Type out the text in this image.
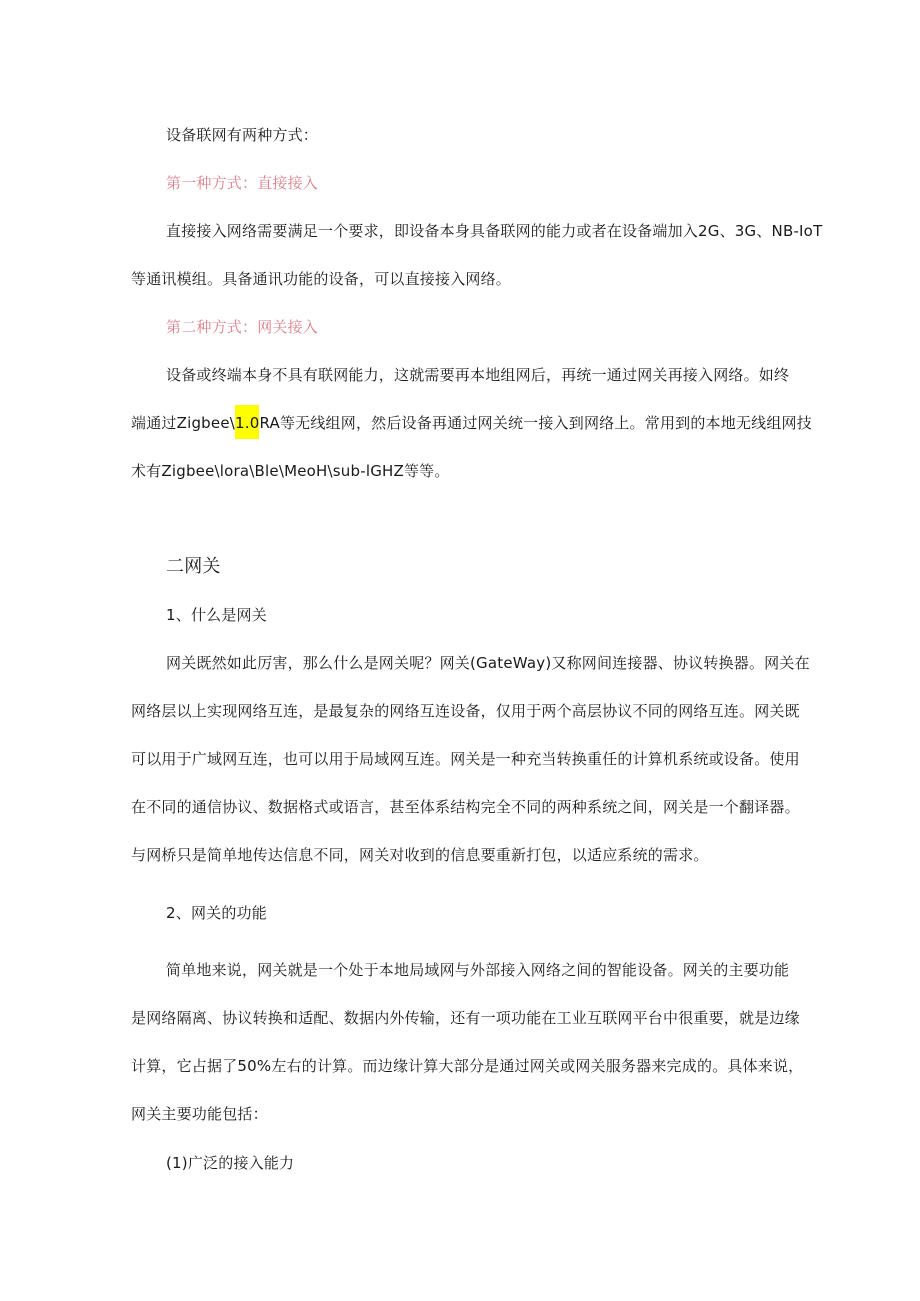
设备联网有两种方式：
第一种方式：直接接入
直接接入网络需要满足一个要求，即设备本身具备联网的能力或者在设备端加入2G、3G、NB-IoT
等通讯模组。具备通讯功能的设备，可以直接接入网络。
第二种方式：网关接入
设备或终端本身不具有联网能力，这就需要再本地组网后，再统一通过网关再接入网络。如终
端通过Zigbee\1.0RA等无线组网，然后设备再通过网关统一接入到网络上。常用到的本地无线组网技
术有Zigbee\lora\Ble\MeoH\sub-lGHZ等等。
二网关
1、什么是网关
网关既然如此厉害，那么什么是网关呢？网关(GateWay)又称网间连接器、协议转换器。网关在
网络层以上实现网络互连，是最复杂的网络互连设备，仅用于两个高层协议不同的网络互连。网关既
可以用于广域网互连，也可以用于局域网互连。网关是一种充当转换重任的计算机系统或设备。使用
在不同的通信协议、数据格式或语言，甚至体系结构完全不同的两种系统之间，网关是一个翻译器。
与网桥只是简单地传达信息不同，网关对收到的信息要重新打包，以适应系统的需求。
2、网关的功能
简单地来说，网关就是一个处于本地局域网与外部接入网络之间的智能设备。网关的主要功能
是网络隔离、协议转换和适配、数据内外传输，还有一项功能在工业互联网平台中很重要，就是边缘
计算，它占据了50%左右的计算。而边缘计算大部分是通过网关或网关服务器来完成的。具体来说，
网关主要功能包括：
(1)广泛的接入能力
